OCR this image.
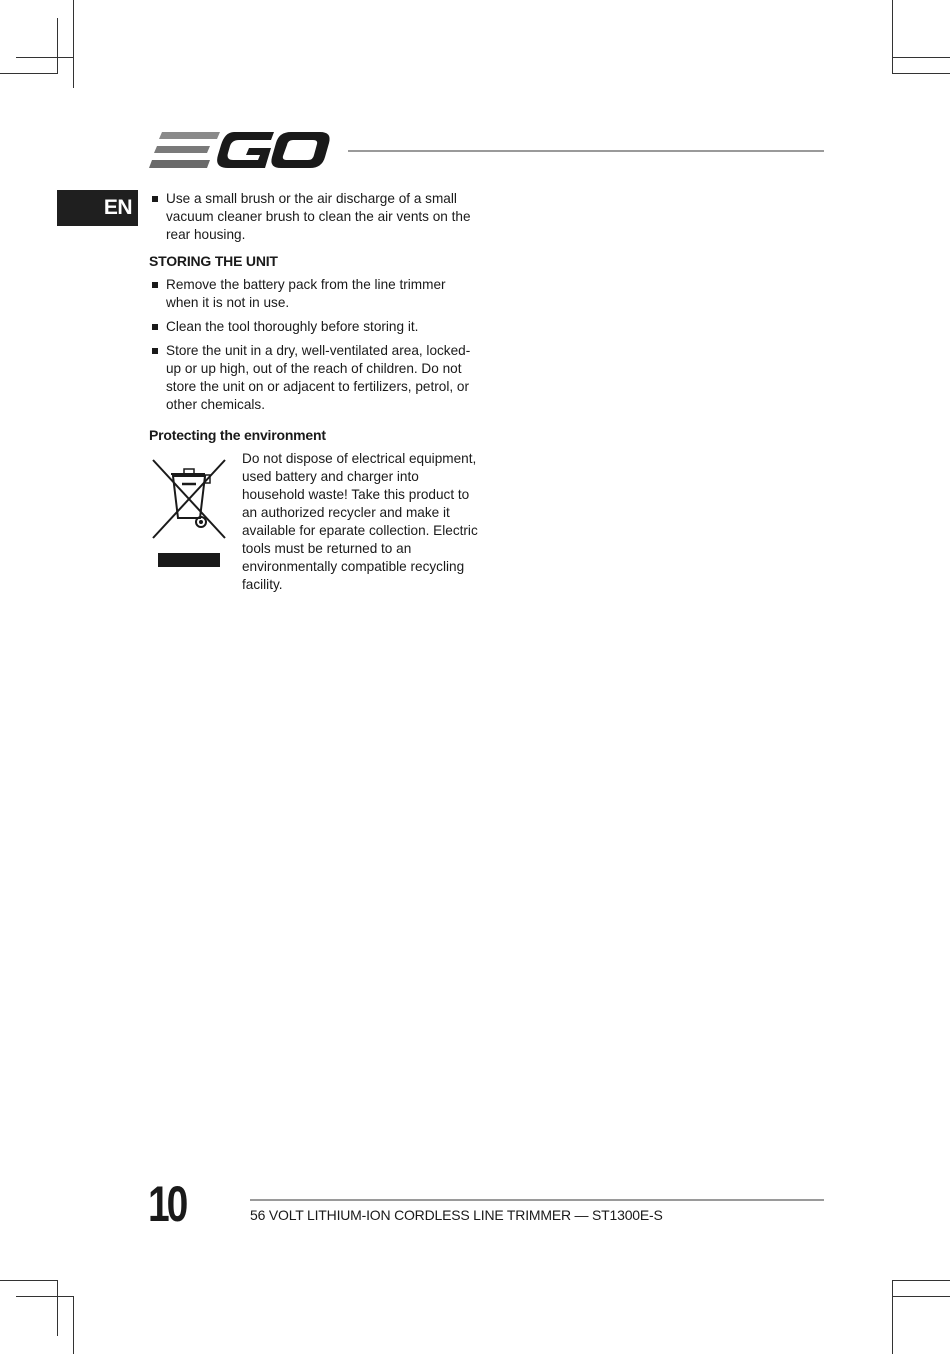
EN	Use a small brush or the air discharge of a small vacuum cleaner brush to clean the air vents on the rear housing.
STORING THE UNIT
Remove the battery pack from the line trimmer when it is not in use.
Clean the tool thoroughly before storing it.
Store the unit in a dry, well-ventilated area, locked-up or up high, out of the reach of children. Do not store the unit on or adjacent to fertilizers, petrol, or other chemicals.
Protecting the environment
Do not dispose of electrical equipment, used battery and charger into household waste! Take this product to an authorized recycler and make it available for eparate collection. Electric tools must be returned to an environmentally compatible recycling facility.
10	56 VOLT LITHIUM-ION CORDLESS LINE TRIMMER — ST1300E-S
